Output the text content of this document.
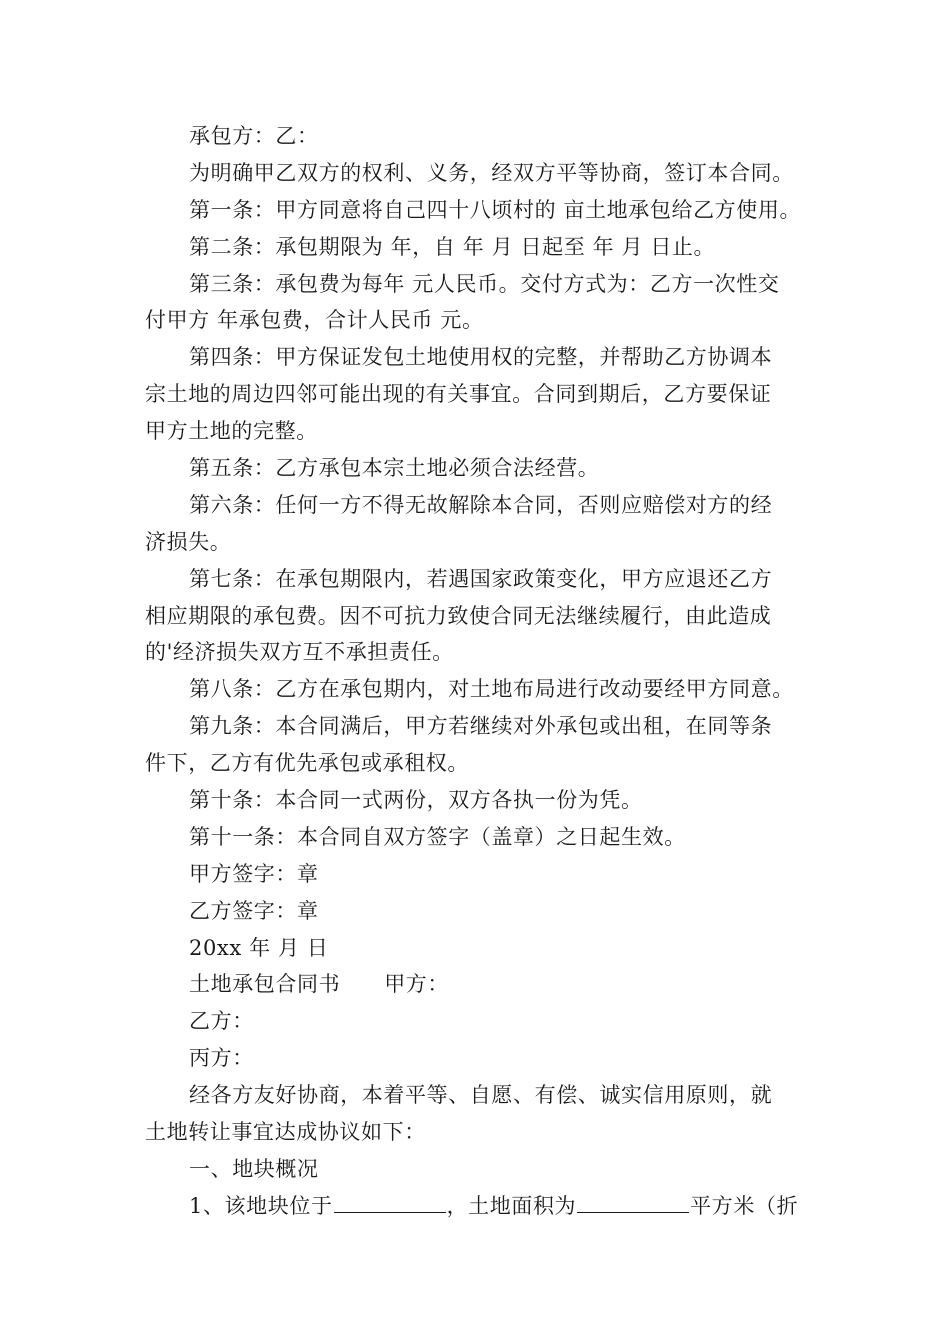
承包方：乙：
为明确甲乙双方的权利、义务，经双方平等协商，签订本合同。
第一条：甲方同意将自己四十八顷村的 亩土地承包给乙方使用。
第二条：承包期限为 年，自 年 月 日起至 年 月 日止。
第三条：承包费为每年 元人民币。交付方式为：乙方一次性交
付甲方 年承包费，合计人民币 元。
第四条：甲方保证发包土地使用权的完整，并帮助乙方协调本
宗土地的周边四邻可能出现的有关事宜。合同到期后，乙方要保证
甲方土地的完整。
第五条：乙方承包本宗土地必须合法经营。
第六条：任何一方不得无故解除本合同，否则应赔偿对方的经
济损失。
第七条：在承包期限内，若遇国家政策变化，甲方应退还乙方
相应期限的承包费。因不可抗力致使合同无法继续履行，由此造成
的'经济损失双方互不承担责任。
第八条：乙方在承包期内，对土地布局进行改动要经甲方同意。
第九条：本合同满后，甲方若继续对外承包或出租，在同等条
件下，乙方有优先承包或承租权。
第十条：本合同一式两份，双方各执一份为凭。
第十一条：本合同自双方签字（盖章）之日起生效。
甲方签字：章
乙方签字：章
20xx 年 月 日
土地承包合同书 甲方：
乙方：
丙方：
经各方友好协商，本着平等、自愿、有偿、诚实信用原则，就
土地转让事宜达成协议如下：
一、地块概况
1、该地块位于	，土地面积为	平方米（折
